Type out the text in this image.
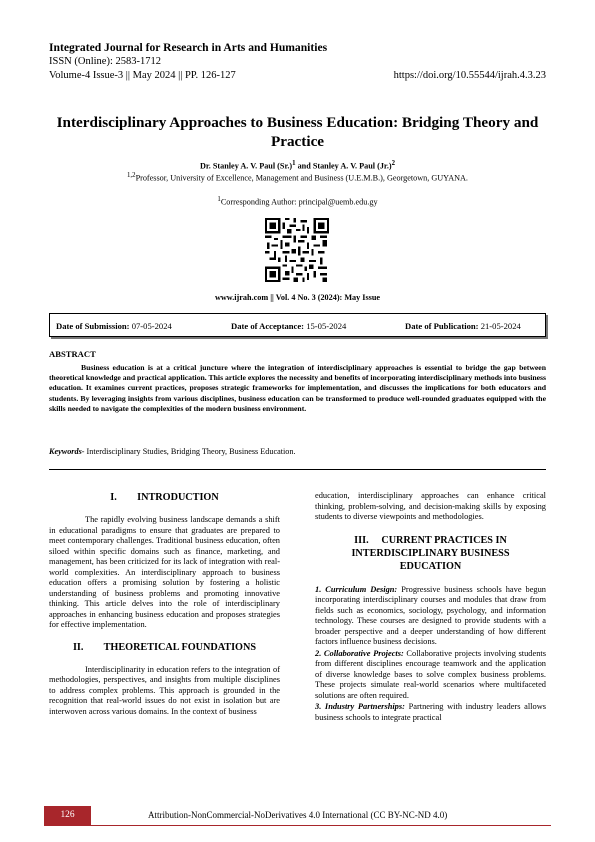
Integrated Journal for Research in Arts and Humanities
ISSN (Online): 2583-1712
Volume-4 Issue-3 || May 2024 || PP. 126-127	https://doi.org/10.55544/ijrah.4.3.23
Interdisciplinary Approaches to Business Education: Bridging Theory and Practice
Dr. Stanley A. V. Paul $(Sr.)^1$ and Stanley A. V. Paul $(Jr.)^2$
$^{1,2}$Professor, University of Excellence, Management and Business (U.E.M.B.), Georgetown, GUYANA.
$^1$Corresponding Author: principal@uemb.edu.gy
www.ijrah.com || Vol. 4 No. 3 (2024): May Issue
Date of Submission: 07-05-2024	Date of Acceptance: 15-05-2024	Date of Publication: 21-05-2024
ABSTRACT
Business education is at a critical juncture where the integration of interdisciplinary approaches is essential to bridge the gap between theoretical knowledge and practical application. This article explores the necessity and benefits of incorporating interdisciplinary methods into business education. It examines current practices, proposes strategic frameworks for implementation, and discusses the implications for both educators and students. By leveraging insights from various disciplines, business education can be transformed to produce well-rounded graduates equipped with the skills needed to navigate the complexities of the modern business environment.
Keywords- Interdisciplinary Studies, Bridging Theory, Business Education.
I.        INTRODUCTION

The rapidly evolving business landscape demands a shift in educational paradigms to ensure that graduates are prepared to meet contemporary challenges. Traditional business education, often siloed within specific domains such as finance, marketing, and management, has been criticized for its lack of integration with real-world complexities. An interdisciplinary approach to business education offers a promising solution by fostering a holistic understanding of business problems and promoting innovative thinking. This article delves into the role of interdisciplinary approaches in enhancing business education and proposes strategies for effective implementation.

II.        THEORETICAL FOUNDATIONS

Interdisciplinarity in education refers to the integration of methodologies, perspectives, and insights from multiple disciplines to address complex problems. This approach is grounded in the recognition that real-world issues do not exist in isolation but are interwoven across various domains. In the context of business

education, interdisciplinary approaches can enhance critical thinking, problem-solving, and decision-making skills by exposing students to diverse viewpoints and methodologies.

III.     CURRENT PRACTICES IN INTERDISCIPLINARY BUSINESS EDUCATION

1. Curriculum Design: Progressive business schools have begun incorporating interdisciplinary courses and modules that draw from fields such as economics, sociology, psychology, and information technology. These courses are designed to provide students with a broader perspective and a deeper understanding of how different factors influence business decisions.

2. Collaborative Projects: Collaborative projects involving students from different disciplines encourage teamwork and the application of diverse knowledge bases to solve complex business problems. These projects simulate real-world scenarios where multifaceted solutions are often required.

3. Industry Partnerships: Partnering with industry leaders allows business schools to integrate practical

126	Attribution-NonCommercial-NoDerivatives 4.0 International (CC BY-NC-ND 4.0)
